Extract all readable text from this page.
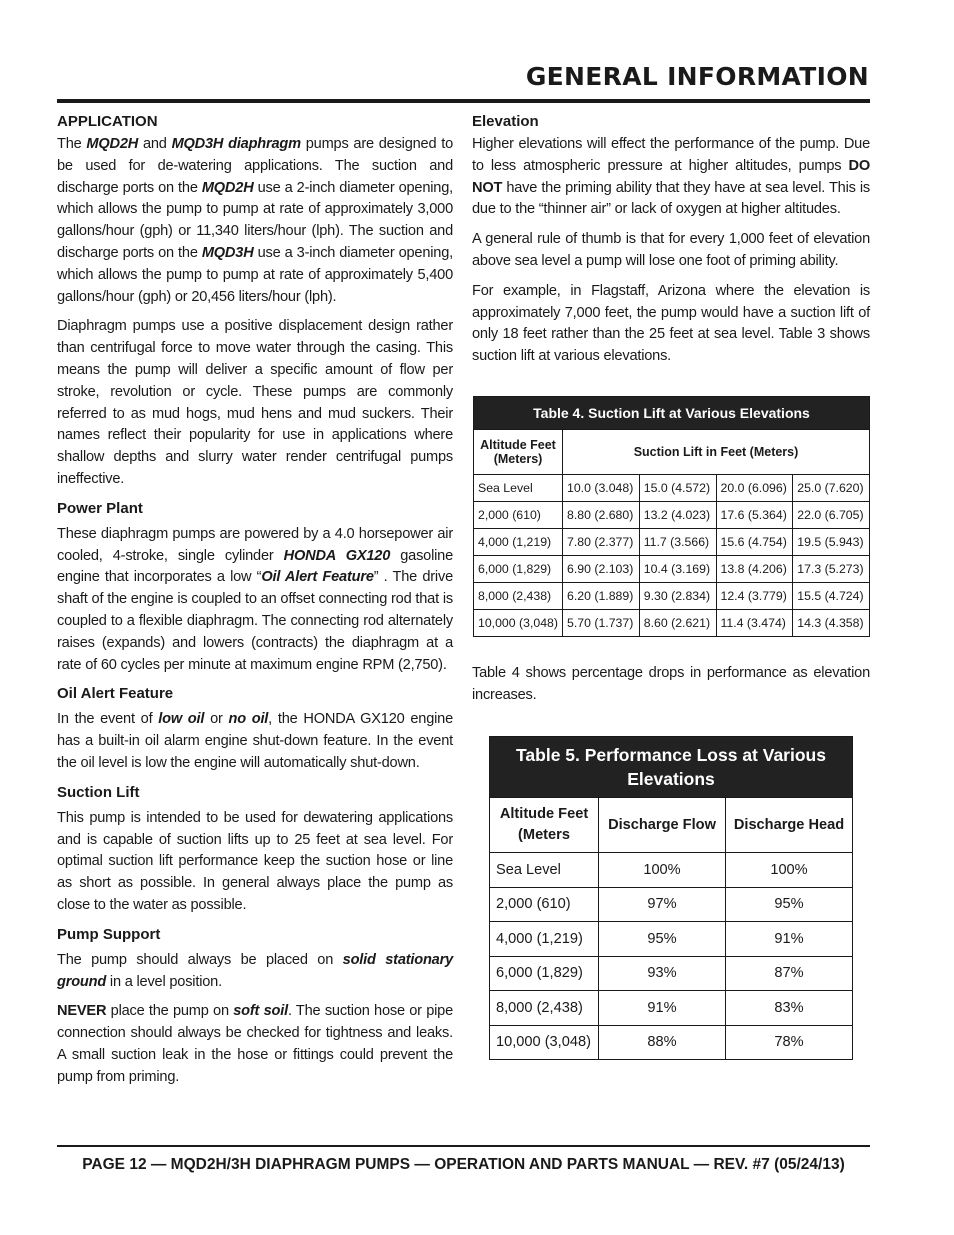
GENERAL INFORMATION
APPLICATION

The MQD2H and MQD3H diaphragm pumps are designed to be used for de-watering applications. The suction and discharge ports on the MQD2H use a 2-inch diameter opening, which allows the pump to pump at rate of approximately 3,000 gallons/hour (gph) or 11,340 liters/hour (lph). The suction and discharge ports on the MQD3H use a 3-inch diameter opening, which allows the pump to pump at rate of approximately 5,400 gallons/hour (gph) or 20,456 liters/hour (lph).

Diaphragm pumps use a positive displacement design rather than centrifugal force to move water through the casing. This means the pump will deliver a specific amount of flow per stroke, revolution or cycle. These pumps are commonly referred to as mud hogs, mud hens and mud suckers. Their names reflect their popularity for use in applications where shallow depths and slurry water render centrifugal pumps ineffective.

Power Plant

These diaphragm pumps are powered by a 4.0 horsepower air cooled, 4-stroke, single cylinder HONDA GX120 gasoline engine that incorporates a low “Oil Alert Feature” . The drive shaft of the engine is coupled to an offset connecting rod that is coupled to a flexible diaphragm. The connecting rod alternately raises (expands) and lowers (contracts) the diaphragm at a rate of 60 cycles per minute at maximum engine RPM (2,750).

Oil Alert Feature

In the event of low oil or no oil, the HONDA GX120 engine has a built-in oil alarm engine shut-down feature. In the event the oil level is low the engine will automatically shut-down.

Suction Lift

This pump is intended to be used for dewatering applications and is capable of suction lifts up to 25 feet at sea level. For optimal suction lift performance keep the suction hose or line as short as possible. In general always place the pump as close to the water as possible.

Pump Support

The pump should always be placed on solid stationary ground in a level position.

NEVER place the pump on soft soil. The suction hose or pipe connection should always be checked for tightness and leaks. A small suction leak in the hose or fittings could prevent the pump from priming.

Elevation

Higher elevations will effect the performance of the pump. Due to less atmospheric pressure at higher altitudes, pumps DO NOT have the priming ability that they have at sea level. This is due to the “thinner air” or lack of oxygen at higher altitudes.

A general rule of thumb is that for every 1,000 feet of elevation above sea level a pump will lose one foot of priming ability.

For example, in Flagstaff, Arizona where the elevation is approximately 7,000 feet, the pump would have a suction lift of only 18 feet rather than the 25 feet at sea level. Table 3 shows suction lift at various elevations.

Table 4. Suction Lift at Various Elevations				
Altitude Feet (Meters)	Suction Lift in Feet (Meters)			
Sea Level	10.0 (3.048)	15.0 (4.572)	20.0 (6.096)	25.0 (7.620)
2,000 (610)	8.80 (2.680)	13.2 (4.023)	17.6 (5.364)	22.0 (6.705)
4,000 (1,219)	7.80 (2.377)	11.7 (3.566)	15.6 (4.754)	19.5 (5.943)
6,000 (1,829)	6.90 (2.103)	10.4 (3.169)	13.8 (4.206)	17.3 (5.273)
8,000 (2,438)	6.20 (1.889)	9.30 (2.834)	12.4 (3.779)	15.5 (4.724)
10,000 (3,048)	5.70 (1.737)	8.60 (2.621)	11.4 (3.474)	14.3 (4.358)

Table 4 shows percentage drops in performance as elevation increases.

Table 5. Performance Loss at Various Elevations		
Altitude Feet (Meters	Discharge Flow	Discharge Head
Sea Level	100%	100%
2,000 (610)	97%	95%
4,000 (1,219)	95%	91%
6,000 (1,829)	93%	87%
8,000 (2,438)	91%	83%
10,000 (3,048)	88%	78%
PAGE 12 — MQD2H/3H DIAPHRAGM PUMPS — OPERATION AND PARTS MANUAL — REV. #7 (05/24/13)
